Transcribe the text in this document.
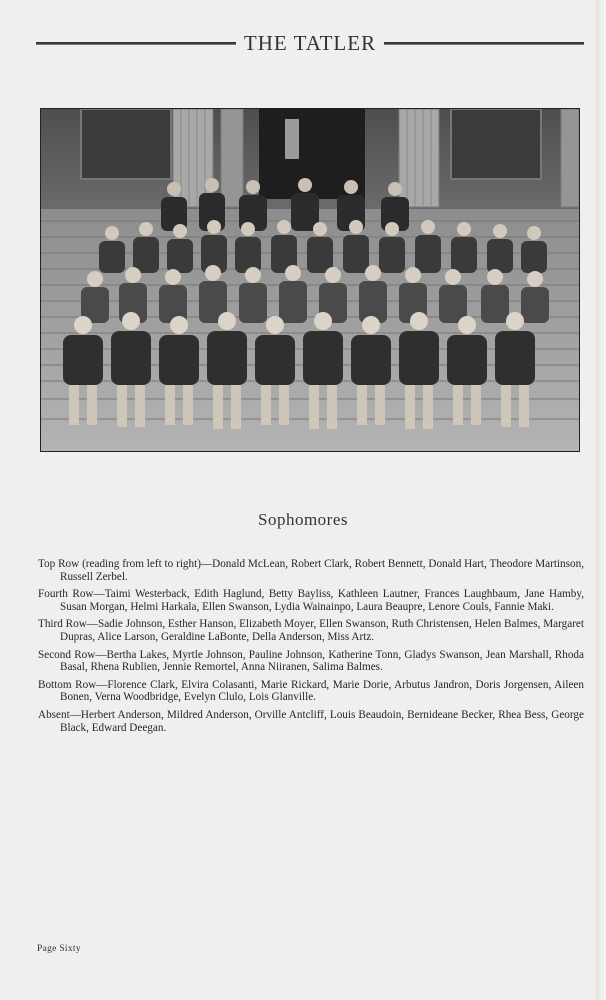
THE TATLER
Sophomores

Top Row (reading from left to right)—Donald McLean, Robert Clark, Robert Bennett, Donald Hart, Theodore Martinson, Russell Zerbel.

Fourth Row—Taimi Westerback, Edith Haglund, Betty Bayliss, Kathleen Lautner, Frances Laughbaum, Jane Hamby, Susan Morgan, Helmi Harkala, Ellen Swanson, Lydia Wainainpo, Laura Beaupre, Lenore Couls, Fannie Maki.

Third Row—Sadie Johnson, Esther Hanson, Elizabeth Moyer, Ellen Swanson, Ruth Christensen, Helen Balmes, Margaret Dupras, Alice Larson, Geraldine LaBonte, Della Anderson, Miss Artz.

Second Row—Bertha Lakes, Myrtle Johnson, Pauline Johnson, Katherine Tonn, Gladys Swanson, Jean Marshall, Rhoda Basal, Rhena Rublien, Jennie Remortel, Anna Niiranen, Salima Balmes.

Bottom Row—Florence Clark, Elvira Colasanti, Marie Rickard, Marie Dorie, Arbutus Jandron, Doris Jorgensen, Aileen Bonen, Verna Woodbridge, Evelyn Clulo, Lois Glanville.

Absent—Herbert Anderson, Mildred Anderson, Orville Antcliff, Louis Beaudoin, Bernideane Becker, Rhea Bess, George Black, Edward Deegan.

Page Sixty
